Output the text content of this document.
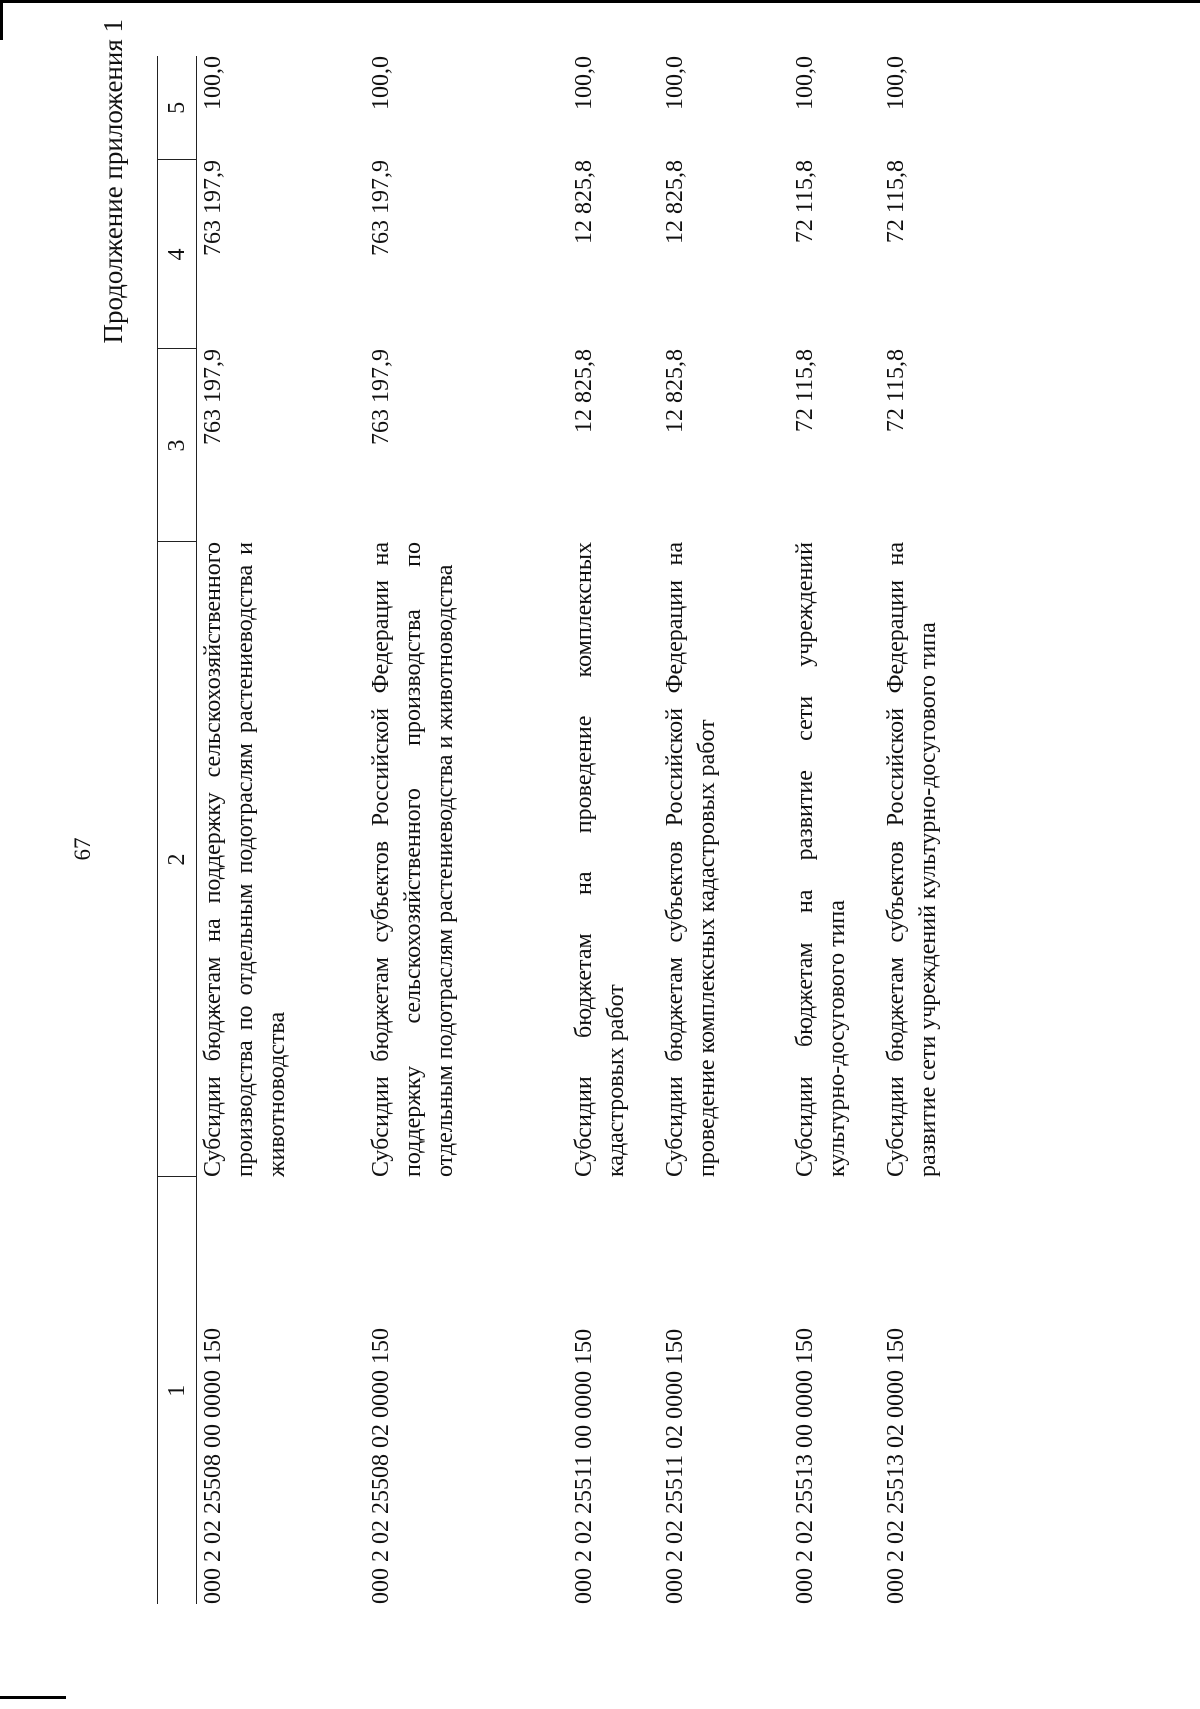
67
Продолжение приложения 1
1	2	3	4	5
000 2 02 25508 00 0000 150	Субсидии бюджетам на поддержку сельскохозяйственного производства по отдельным подотраслям растениеводства и животноводства	763 197,9	763 197,9	100,0
000 2 02 25508 02 0000 150	Субсидии бюджетам субъектов Российской Федерации на поддержку сельскохозяйственного производства по отдельным подотраслям растениеводства и животноводства	763 197,9	763 197,9	100,0
000 2 02 25511 00 0000 150	Субсидии бюджетам на проведение комплексных кадастровых работ	12 825,8	12 825,8	100,0
000 2 02 25511 02 0000 150	Субсидии бюджетам субъектов Российской Федерации на проведение комплексных кадастровых работ	12 825,8	12 825,8	100,0
000 2 02 25513 00 0000 150	Субсидии бюджетам на развитие сети учреждений культурно-досугового типа	72 115,8	72 115,8	100,0
000 2 02 25513 02 0000 150	Субсидии бюджетам субъектов Российской Федерации на развитие сети учреждений культурно-досугового типа	72 115,8	72 115,8	100,0
